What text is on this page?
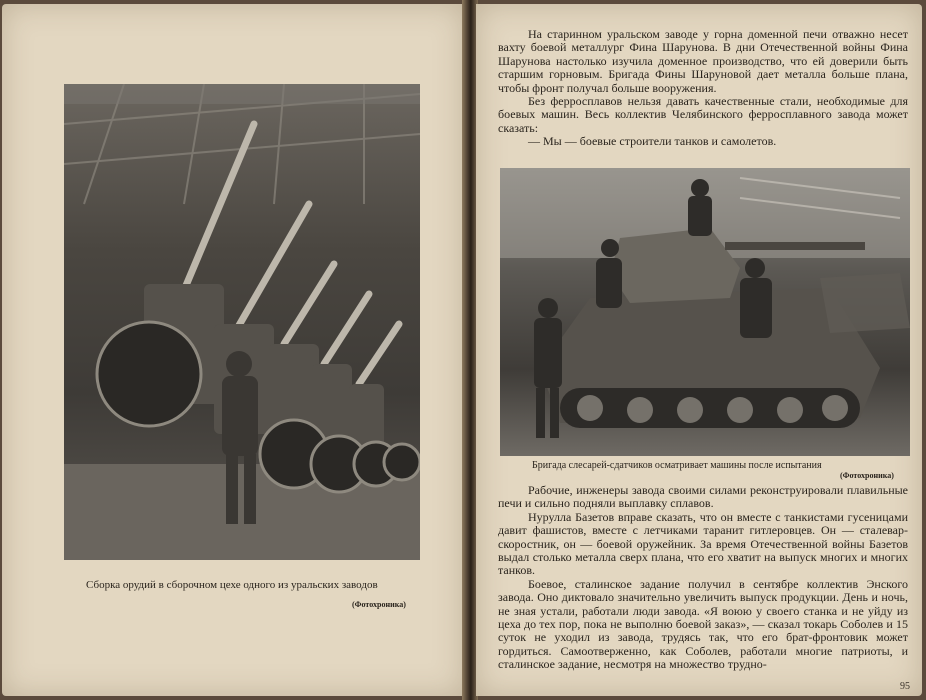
Сборка орудий в сборочном цехе одного из уральских заводов
(Фотохроника)

На старинном уральском заводе у горна доменной печи отважно несет вахту боевой металлург Фина Шарунова. В дни Отечественной войны Фина Шарунова настолько изучила доменное производство, что ей доверили быть старшим горновым. Бригада Фины Шаруновой дает металла больше плана, чтобы фронт получал больше вооружения.

Без ферросплавов нельзя давать качественные стали, необходимые для боевых машин. Весь коллектив Челябинского ферросплавного завода может сказать:

— Мы — боевые строители танков и самолетов.

Бригада слесарей-сдатчиков осматривает машины после испытания
(Фотохроника)

Рабочие, инженеры завода своими силами реконструировали плавильные печи и сильно подняли выплавку сплавов.

Нурулла Базетов вправе сказать, что он вместе с танкистами гусеницами давит фашистов, вместе с летчиками таранит гитлеровцев. Он — сталевар-скоростник, он — боевой оружейник. За время Отечественной войны Базетов выдал столько металла сверх плана, что его хватит на выпуск многих и многих танков.

Боевое, сталинское задание получил в сентябре коллектив Энского завода. Оно диктовало значительно увеличить выпуск продукции. День и ночь, не зная устали, работали люди завода. «Я воюю у своего станка и не уйду из цеха до тех пор, пока не выполню боевой заказ», — сказал токарь Соболев и 15 суток не уходил из завода, трудясь так, что его брат-фронтовик может гордиться. Самоотверженно, как Соболев, работали многие патриоты, и сталинское задание, несмотря на множество трудно-

95
